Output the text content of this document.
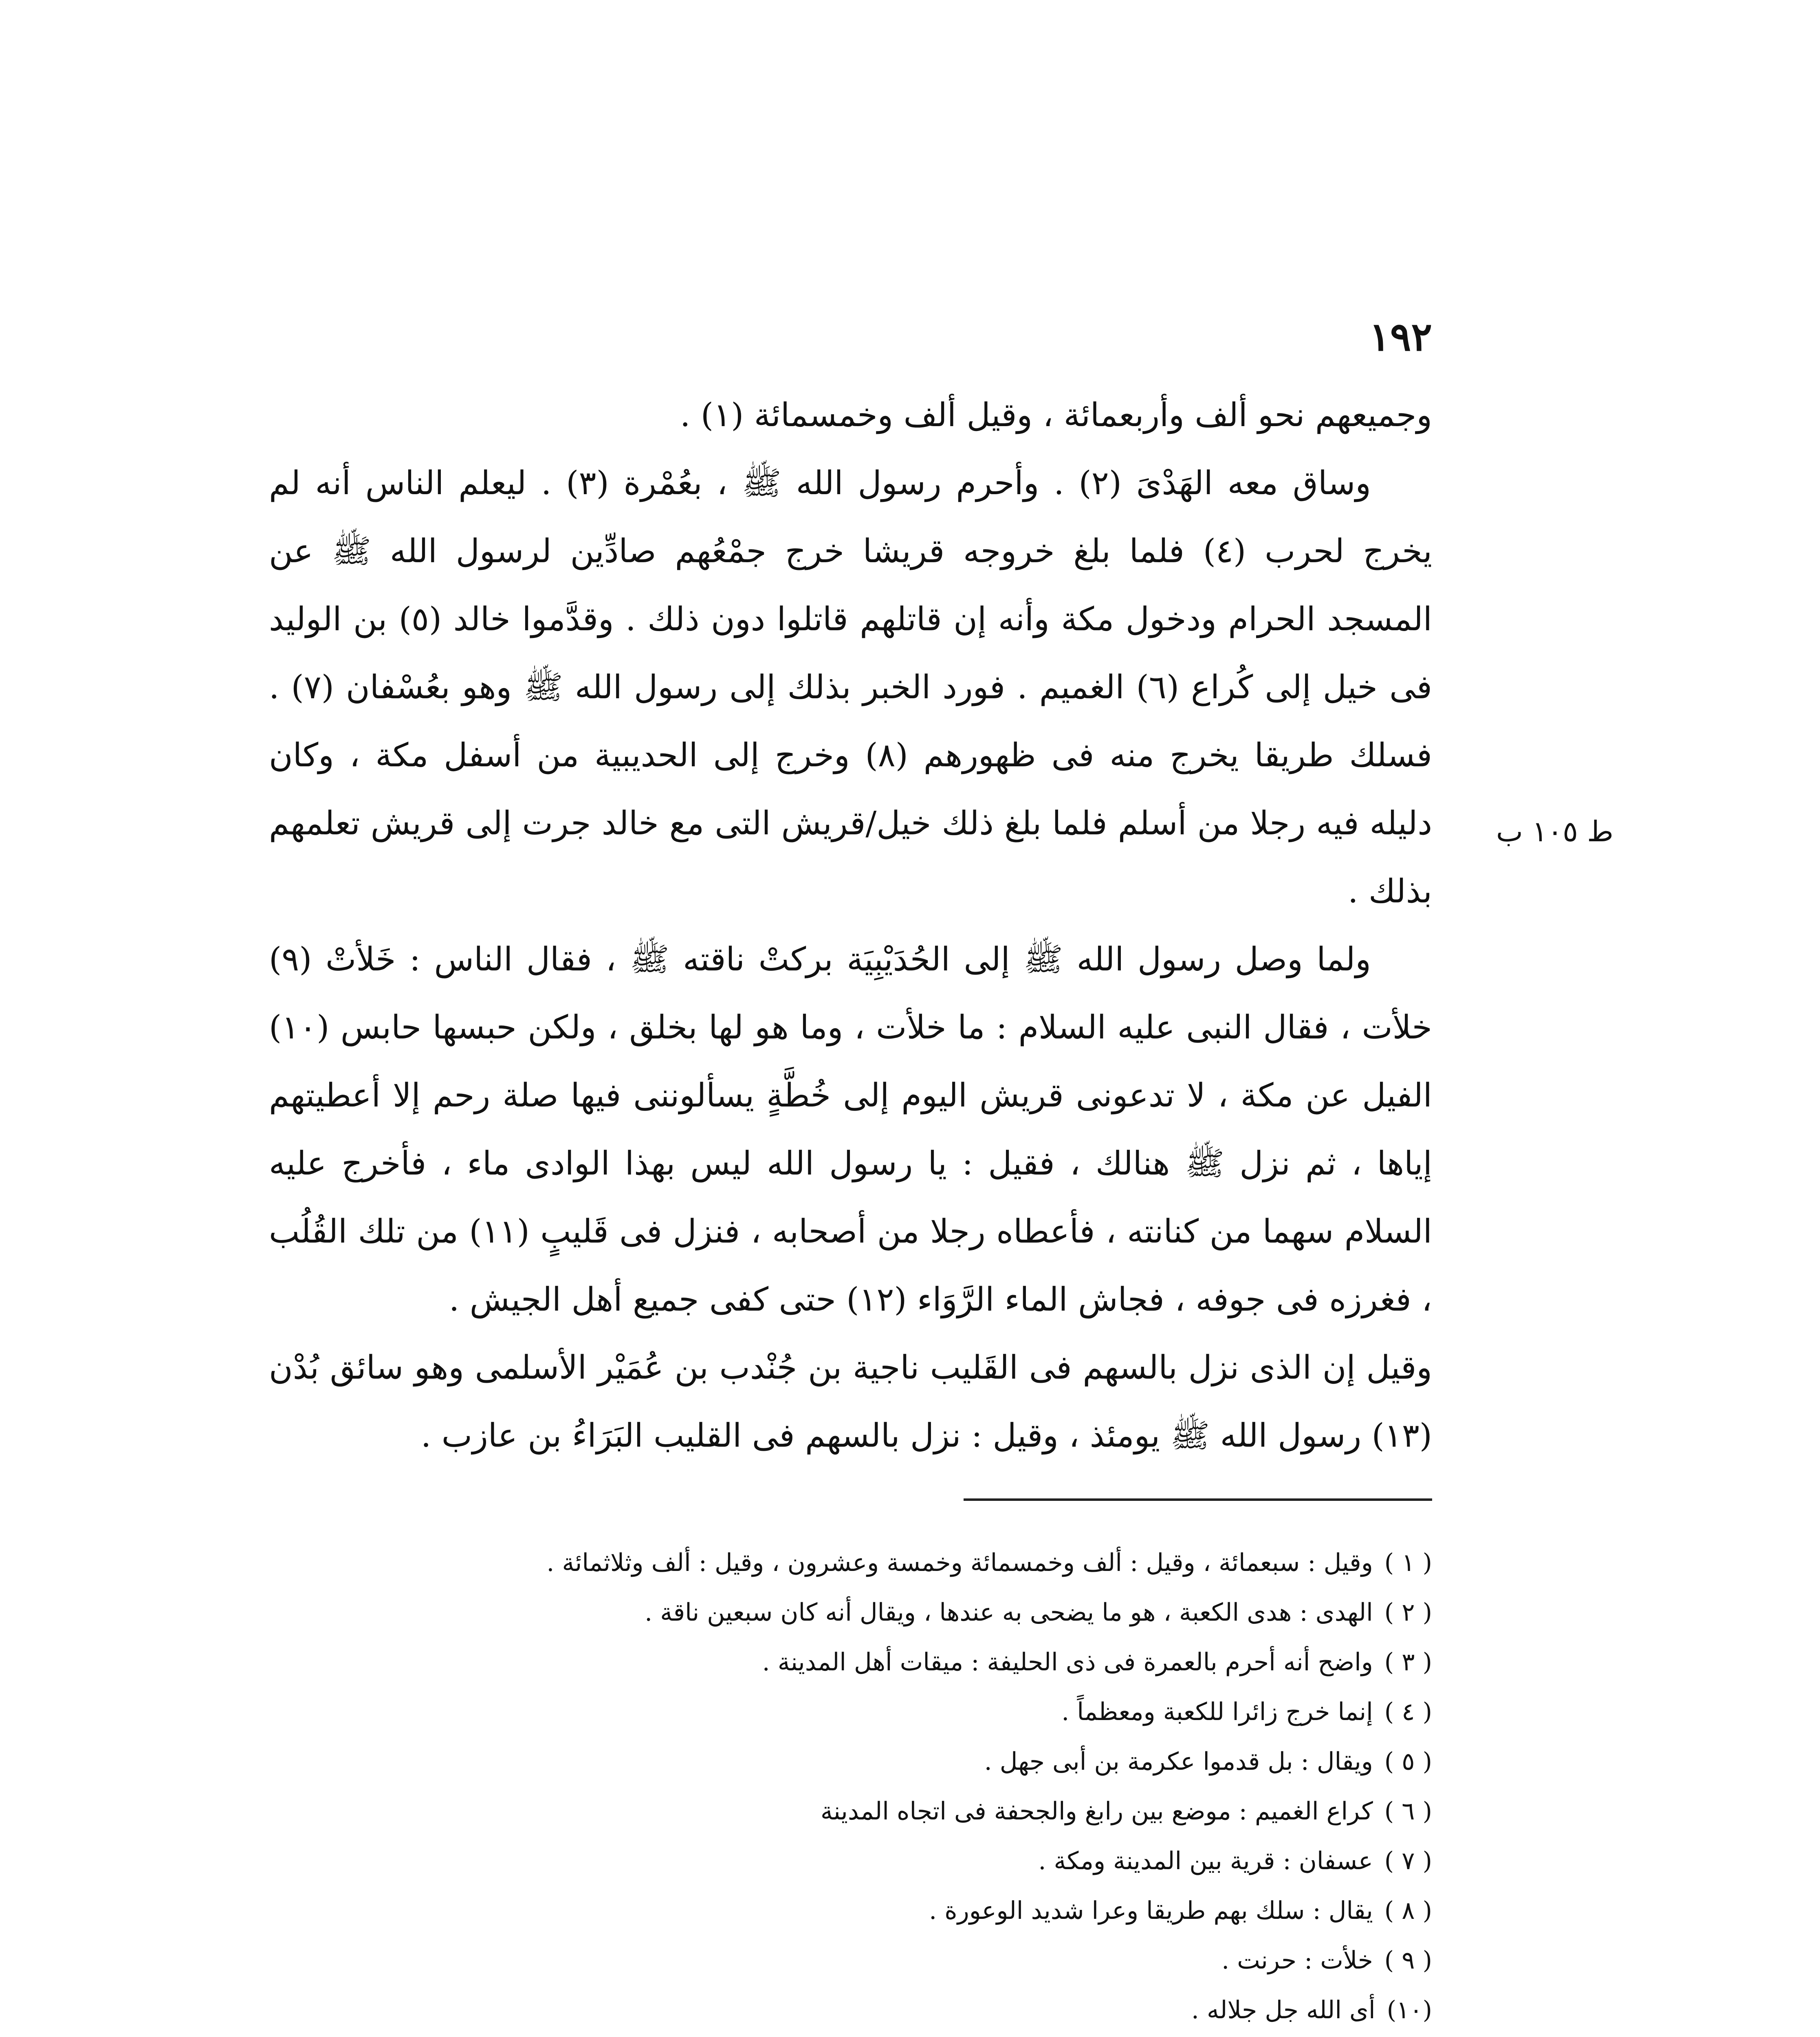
١٩٢
ط ١٠٥ ب

وجميعهم نحو ألف وأربعمائة ، وقيل ألف وخمسمائة (١) .

وساق معه الهَدْىَ (٢) . وأحرم رسول الله ﷺ ، بعُمْرة (٣) . ليعلم الناس أنه لم يخرج لحرب (٤) فلما بلغ خروجه قريشا خرج جمْعُهم صادِّين لرسول الله ﷺ عن المسجد الحرام ودخول مكة وأنه إن قاتلهم قاتلوا دون ذلك . وقدَّموا خالد (٥) بن الوليد فى خيل إلى كُراع (٦) الغميم . فورد الخبر بذلك إلى رسول الله ﷺ وهو بعُسْفان (٧) . فسلك طريقا يخرج منه فى ظهورهم (٨) وخرج إلى الحديبية من أسفل مكة ، وكان دليله فيه رجلا من أسلم فلما بلغ ذلك خيل/قريش التى مع خالد جرت إلى قريش تعلمهم بذلك .

ولما وصل رسول الله ﷺ إلى الحُدَيْبِيَة بركتْ ناقته ﷺ ، فقال الناس : خَلأتْ (٩) خلأت ، فقال النبى عليه السلام : ما خلأت ، وما هو لها بخلق ، ولكن حبسها حابس (١٠) الفيل عن مكة ، لا تدعونى قريش اليوم إلى خُطَّةٍ يسألوننى فيها صلة رحم إلا أعطيتهم إياها ، ثم نزل ﷺ هنالك ، فقيل : يا رسول الله ليس بهذا الوادى ماء ، فأخرج عليه السلام سهما من كنانته ، فأعطاه رجلا من أصحابه ، فنزل فى قَليبٍ (١١) من تلك القُلُب ، فغرزه فى جوفه ، فجاش الماء الرَّوَاء (١٢) حتى كفى جميع أهل الجيش .

وقيل إن الذى نزل بالسهم فى القَليب ناجية بن جُنْدب بن عُمَيْر الأسلمى وهو سائق بُدْن (١٣) رسول الله ﷺ يومئذ ، وقيل : نزل بالسهم فى القليب البَرَاءُ بن عازب .

( ١ )وقيل : سبعمائة ، وقيل : ألف وخمسمائة وخمسة وعشرون ، وقيل : ألف وثلاثمائة .
( ٢ )الهدى : هدى الكعبة ، هو ما يضحى به عندها ، ويقال أنه كان سبعين ناقة .
( ٣ )واضح أنه أحرم بالعمرة فى ذى الحليفة : ميقات أهل المدينة .
( ٤ )إنما خرج زائرا للكعبة ومعظماً .
( ٥ )ويقال : بل قدموا عكرمة بن أبى جهل .
( ٦ )كراع الغميم : موضع بين رابغ والجحفة فى اتجاه المدينة
( ٧ )عسفان : قرية بين المدينة ومكة .
( ٨ )يقال : سلك بهم طريقا وعرا شديد الوعورة .
( ٩ )خلأت : حرنت .
(١٠)أى الله جل جلاله .
